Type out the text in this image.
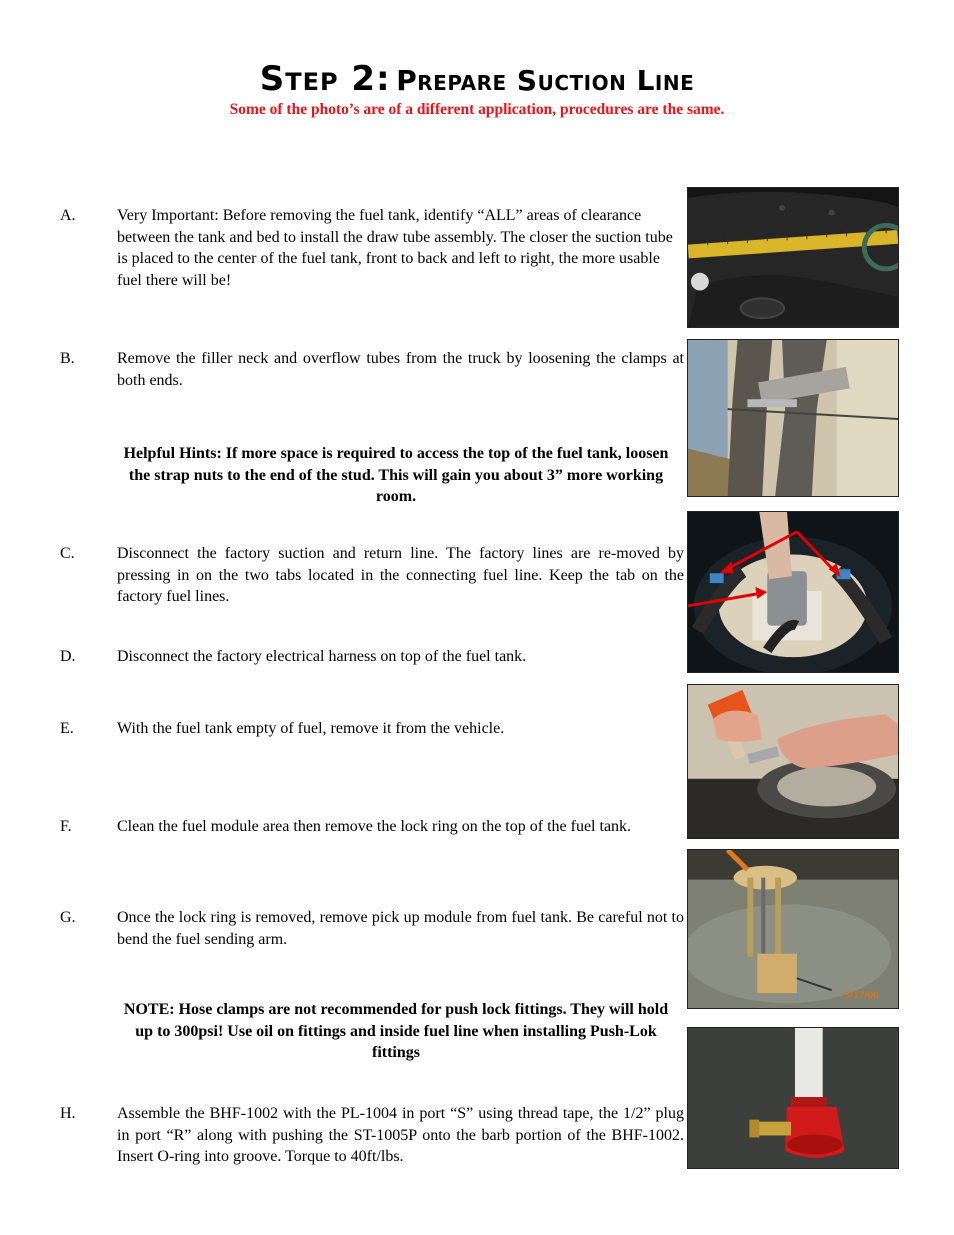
Step 2: Prepare Suction Line
Some of the photo’s are of a different application, procedures are the same.
A.	Very Important: Before removing the fuel tank, identify “ALL” areas of clearance between the tank and bed to install the draw tube assembly. The closer the suction tube is placed to the center of the fuel tank, front to back and left to right, the more usable fuel there will be!
B.	Remove the filler neck and overflow tubes from the truck by loosening the clamps at both ends.
Helpful Hints: If more space is required to access the top of the fuel tank, loosen the strap nuts to the end of the stud. This will gain you about 3” more working room.
C.	Disconnect the factory suction and return line. The factory lines are re-moved by pressing in on the two tabs located in the connecting fuel line. Keep the tab on the factory fuel lines.
D.	Disconnect the factory electrical harness on top of the fuel tank.
E.	With the fuel tank empty of fuel, remove it from the vehicle.
F.	Clean the fuel module area then remove the lock ring on the top of the fuel tank.
G.	Once the lock ring is removed, remove pick up module from fuel tank. Be careful not to bend the fuel sending arm.
NOTE: Hose clamps are not recommended for push lock fittings. They will hold up to 300psi! Use oil on fittings and inside fuel line when installing Push-Lok fittings
H.	Assemble the BHF-1002 with the PL-1004 in port “S” using thread tape, the 1/2” plug in port “R” along with pushing the ST-1005P onto the barb portion of the BHF-1002. Insert O-ring into groove. Torque to 40ft/lbs.
3/17/06
